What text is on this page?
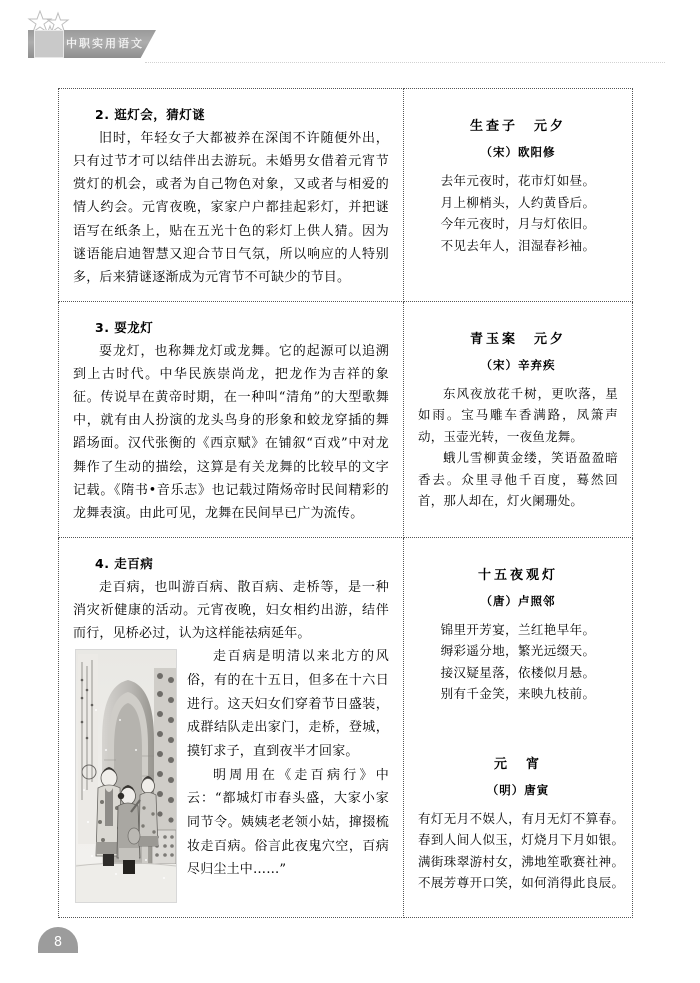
中职实用语文
2. 逛灯会，猜灯谜

旧时，年轻女子大都被养在深闺不许随便外出，只有过节才可以结伴出去游玩。未婚男女借着元宵节赏灯的机会，或者为自己物色对象，又或者与相爱的情人约会。元宵夜晚，家家户户都挂起彩灯，并把谜语写在纸条上，贴在五光十色的彩灯上供人猜。因为谜语能启迪智慧又迎合节日气氛，所以响应的人特别多，后来猜谜逐渐成为元宵节不可缺少的节目。

生查子　元夕
（宋）欧阳修

去年元夜时，花市灯如昼。

月上柳梢头，人约黄昏后。

今年元夜时，月与灯依旧。

不见去年人，泪湿春衫袖。

3. 耍龙灯

耍龙灯，也称舞龙灯或龙舞。它的起源可以追溯到上古时代。中华民族崇尚龙，把龙作为吉祥的象征。传说早在黄帝时期，在一种叫“清角”的大型歌舞中，就有由人扮演的龙头鸟身的形象和蛟龙穿插的舞蹈场面。汉代张衡的《西京赋》在铺叙“百戏”中对龙舞作了生动的描绘，这算是有关龙舞的比较早的文字记载。《隋书•音乐志》也记载过隋炀帝时民间精彩的龙舞表演。由此可见，龙舞在民间早已广为流传。

青玉案　元夕
（宋）辛弃疾

东风夜放花千树，更吹落，星如雨。宝马雕车香满路，凤箫声动，玉壶光转，一夜鱼龙舞。

蛾儿雪柳黄金缕，笑语盈盈暗香去。众里寻他千百度，蓦然回首，那人却在，灯火阑珊处。

4. 走百病

走百病，也叫游百病、散百病、走桥等，是一种消灾祈健康的活动。元宵夜晚，妇女相约出游，结伴而行，见桥必过，认为这样能祛病延年。

走百病是明清以来北方的风俗，有的在十五日，但多在十六日进行。这天妇女们穿着节日盛装，成群结队走出家门，走桥，登城，摸钉求子，直到夜半才回家。

明周用在《走百病行》中云：“都城灯市春头盛，大家小家同节令。姨姨老老领小姑，撺掇梳妆走百病。俗言此夜鬼穴空，百病尽归尘土中……”

十五夜观灯
（唐）卢照邻

锦里开芳宴，兰红艳早年。

缛彩遥分地，繁光远缀天。

接汉疑星落，依楼似月悬。

别有千金笑，来映九枝前。

元　宵
（明）唐寅

有灯无月不娱人，有月无灯不算春。

春到人间人似玉，灯烧月下月如银。

满街珠翠游村女，沸地笙歌赛社神。

不展芳尊开口笑，如何消得此良辰。

8
